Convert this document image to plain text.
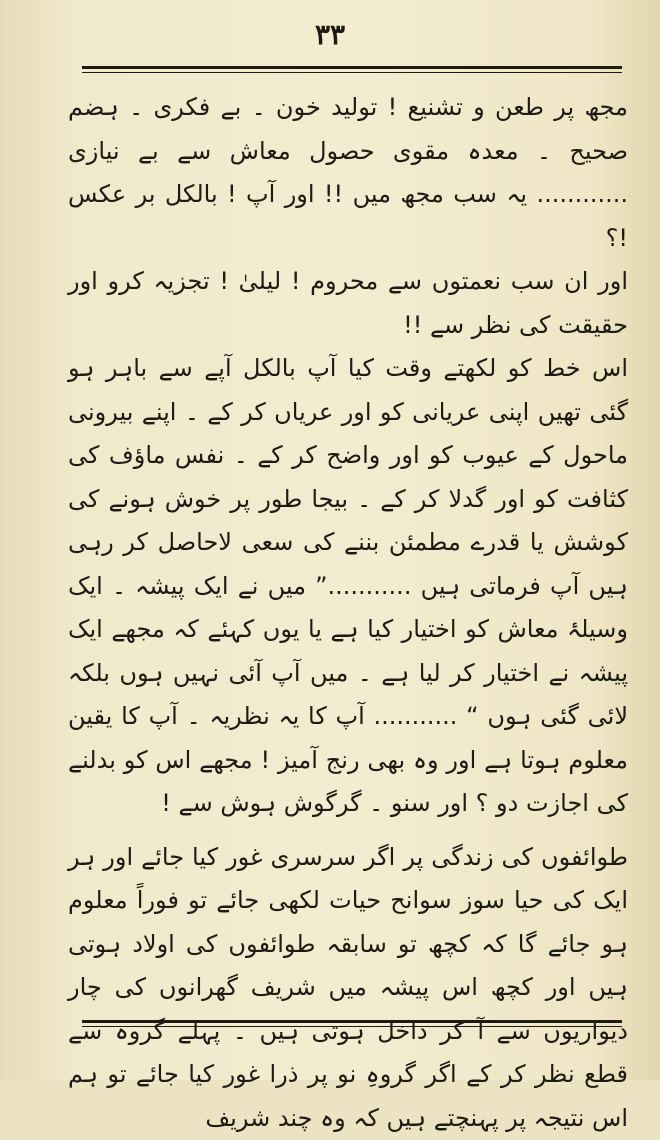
٣٣

مجھ پر طعن و تشنیع ! تولید خون ۔ بے فکری ۔ ہضم صحیح ۔ معدہ مقوی حصول معاش سے بے نیازی ............ یہ سب مجھ میں !! اور آپ ! بالکل بر عکس !؟

اور ان سب نعمتوں سے محروم ! لیلیٰ ! تجزیہ کرو اور حقیقت کی نظر سے !!

اس خط کو لکھتے وقت کیا آپ بالکل آپے سے باہر ہو گئی تھیں اپنی عریانی کو اور عریاں کر کے ۔ اپنے بیرونی ماحول کے عیوب کو اور واضح کر کے ۔ نفس ماؤف کی کثافت کو اور گدلا کر کے ۔ بیجا طور پر خوش ہونے کی کوشش یا قدرے مطمئن بننے کی سعی لاحاصل کر رہی ہیں آپ فرماتی ہیں ...........” میں نے ایک پیشہ ۔ ایک وسیلۂ معاش کو اختیار کیا ہے یا یوں کہئے کہ مجھے ایک پیشہ نے اختیار کر لیا ہے ۔ میں آپ آئی نہیں ہوں بلکہ لائی گئی ہوں “ ........... آپ کا یہ نظریہ ۔ آپ کا یقین معلوم ہوتا ہے اور وہ بھی رنج آمیز ! مجھے اس کو بدلنے کی اجازت دو ؟ اور سنو ۔ گرگوش ہوش سے !

طوائفوں کی زندگی پر اگر سرسری غور کیا جائے اور ہر ایک کی حیا سوز سوانح حیات لکھی جائے تو فوراً معلوم ہو جائے گا کہ کچھ تو سابقہ طوائفوں کی اولاد ہوتی ہیں اور کچھ اس پیشہ میں شریف گھرانوں کی چار دیواریوں سے آ کر داخل ہوتی ہیں ۔ پہلے گروہ سے قطع نظر کر کے اگر گروہِ نو پر ذرا غور کیا جائے تو ہم اس نتیجہ پر پہنچتے ہیں کہ وہ چند شریف
